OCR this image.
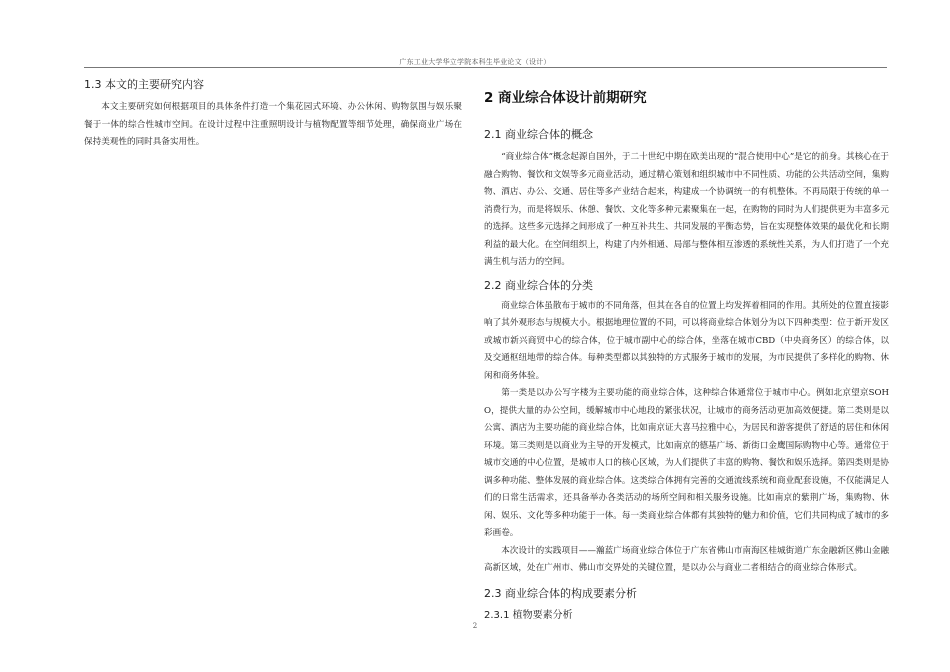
广东工业大学华立学院本科生毕业论文（设计）
1.3 本文的主要研究内容

本文主要研究如何根据项目的具体条件打造一个集花园式环境、办公休闲、购物氛围与娱乐聚餐于一体的综合性城市空间。在设计过程中注重照明设计与植物配置等细节处理，确保商业广场在保持美观性的同时具备实用性。

2 商业综合体设计前期研究
2.1 商业综合体的概念

“商业综合体”概念起源自国外，于二十世纪中期在欧美出现的“混合使用中心”是它的前身。其核心在于融合购物、餐饮和文娱等多元商业活动，通过精心策划和组织城市中不同性质、功能的公共活动空间，集购物、酒店、办公、交通、居住等多产业结合起来，构建成一个协调统一的有机整体。不再局限于传统的单一消费行为，而是将娱乐、休憩、餐饮、文化等多种元素聚集在一起，在购物的同时为人们提供更为丰富多元的选择。这些多元选择之间形成了一种互补共生、共同发展的平衡态势，旨在实现整体效果的最优化和长期利益的最大化。在空间组织上，构建了内外相通、局部与整体相互渗透的系统性关系，为人们打造了一个充满生机与活力的空间。

2.2 商业综合体的分类

商业综合体虽散布于城市的不同角落，但其在各自的位置上均发挥着相同的作用。其所处的位置直接影响了其外观形态与规模大小。根据地理位置的不同，可以将商业综合体划分为以下四种类型：位于新开发区或城市新兴商贸中心的综合体，位于城市副中心的综合体，坐落在城市CBD（中央商务区）的综合体，以及交通枢纽地带的综合体。每种类型都以其独特的方式服务于城市的发展，为市民提供了多样化的购物、休闲和商务体验。

第一类是以办公写字楼为主要功能的商业综合体，这种综合体通常位于城市中心。例如北京望京SOHO，提供大量的办公空间，缓解城市中心地段的紧张状况，让城市的商务活动更加高效便捷。第二类则是以公寓、酒店为主要功能的商业综合体，比如南京证大喜马拉雅中心，为居民和游客提供了舒适的居住和休闲环境。第三类则是以商业为主导的开发模式，比如南京的德基广场、新街口金鹰国际购物中心等。通常位于城市交通的中心位置，是城市人口的核心区域，为人们提供了丰富的购物、餐饮和娱乐选择。第四类则是协调多种功能、整体发展的商业综合体。这类综合体拥有完善的交通流线系统和商业配套设施，不仅能满足人们的日常生活需求，还具备举办各类活动的场所空间和相关服务设施。比如南京的紫荆广场，集购物、休闲、娱乐、文化等多种功能于一体。每一类商业综合体都有其独特的魅力和价值，它们共同构成了城市的多彩画卷。

本次设计的实践项目——瀚蓝广场商业综合体位于广东省佛山市南海区桂城街道广东金融新区佛山金融高新区域，处在广州市、佛山市交界处的关键位置，是以办公与商业二者相结合的商业综合体形式。

2.3 商业综合体的构成要素分析
2.3.1 植物要素分析
2
